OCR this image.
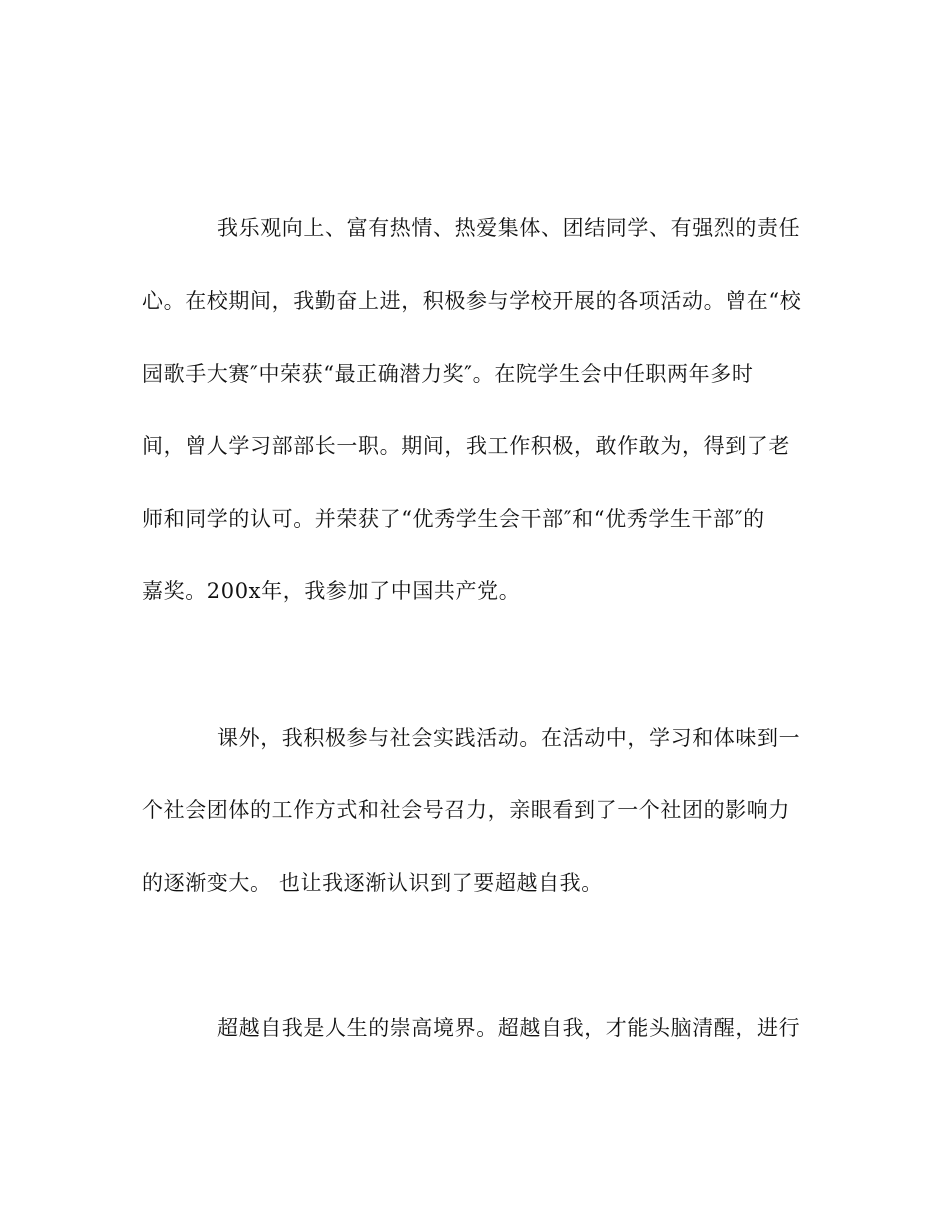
我乐观向上、富有热情、热爱集体、团结同学、有强烈的责任
心。在校期间，我勤奋上进，积极参与学校开展的各项活动。曾在“校
园歌手大赛″中荣获“最正确潜力奖″。在院学生会中任职两年多时
间，曾人学习部部长一职。期间，我工作积极，敢作敢为，得到了老
师和同学的认可。并荣获了“优秀学生会干部″和“优秀学生干部″的
嘉奖。200x年，我参加了中国共产党。
课外，我积极参与社会实践活动。在活动中，学习和体味到一
个社会团体的工作方式和社会号召力，亲眼看到了一个社团的影响力
的逐渐变大。 也让我逐渐认识到了要超越自我。
超越自我是人生的崇高境界。超越自我，才能头脑清醒，进行
